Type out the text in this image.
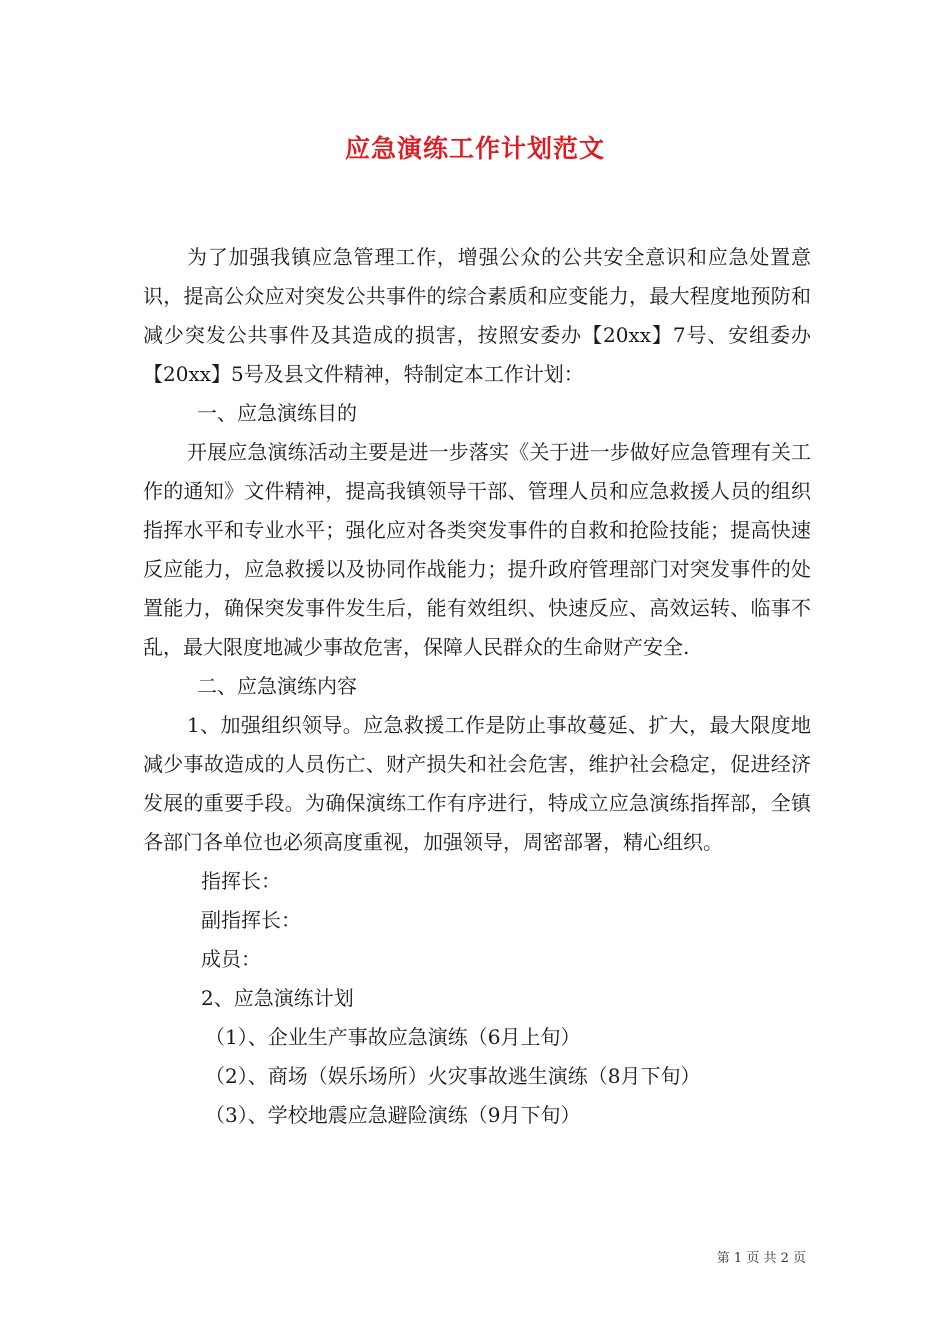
应急演练工作计划范文

为了加强我镇应急管理工作，增强公众的公共安全意识和应急处置意识，提高公众应对突发公共事件的综合素质和应变能力，最大程度地预防和减少突发公共事件及其造成的损害，按照安委办【20xx】7号、安组委办【20xx】5号及县文件精神，特制定本工作计划：

一、应急演练目的

开展应急演练活动主要是进一步落实《关于进一步做好应急管理有关工作的通知》文件精神，提高我镇领导干部、管理人员和应急救援人员的组织指挥水平和专业水平；强化应对各类突发事件的自救和抢险技能；提高快速反应能力，应急救援以及协同作战能力；提升政府管理部门对突发事件的处置能力，确保突发事件发生后，能有效组织、快速反应、高效运转、临事不乱，最大限度地减少事故危害，保障人民群众的生命财产安全.

二、应急演练内容

1、加强组织领导。应急救援工作是防止事故蔓延、扩大，最大限度地减少事故造成的人员伤亡、财产损失和社会危害，维护社会稳定，促进经济发展的重要手段。为确保演练工作有序进行，特成立应急演练指挥部，全镇各部门各单位也必须高度重视，加强领导，周密部署，精心组织。

指挥长：

副指挥长：

成员：

2、应急演练计划

（1）、企业生产事故应急演练（6月上旬）

（2）、商场（娱乐场所）火灾事故逃生演练（8月下旬）

（3）、学校地震应急避险演练（9月下旬）

第 1 页 共 2 页
